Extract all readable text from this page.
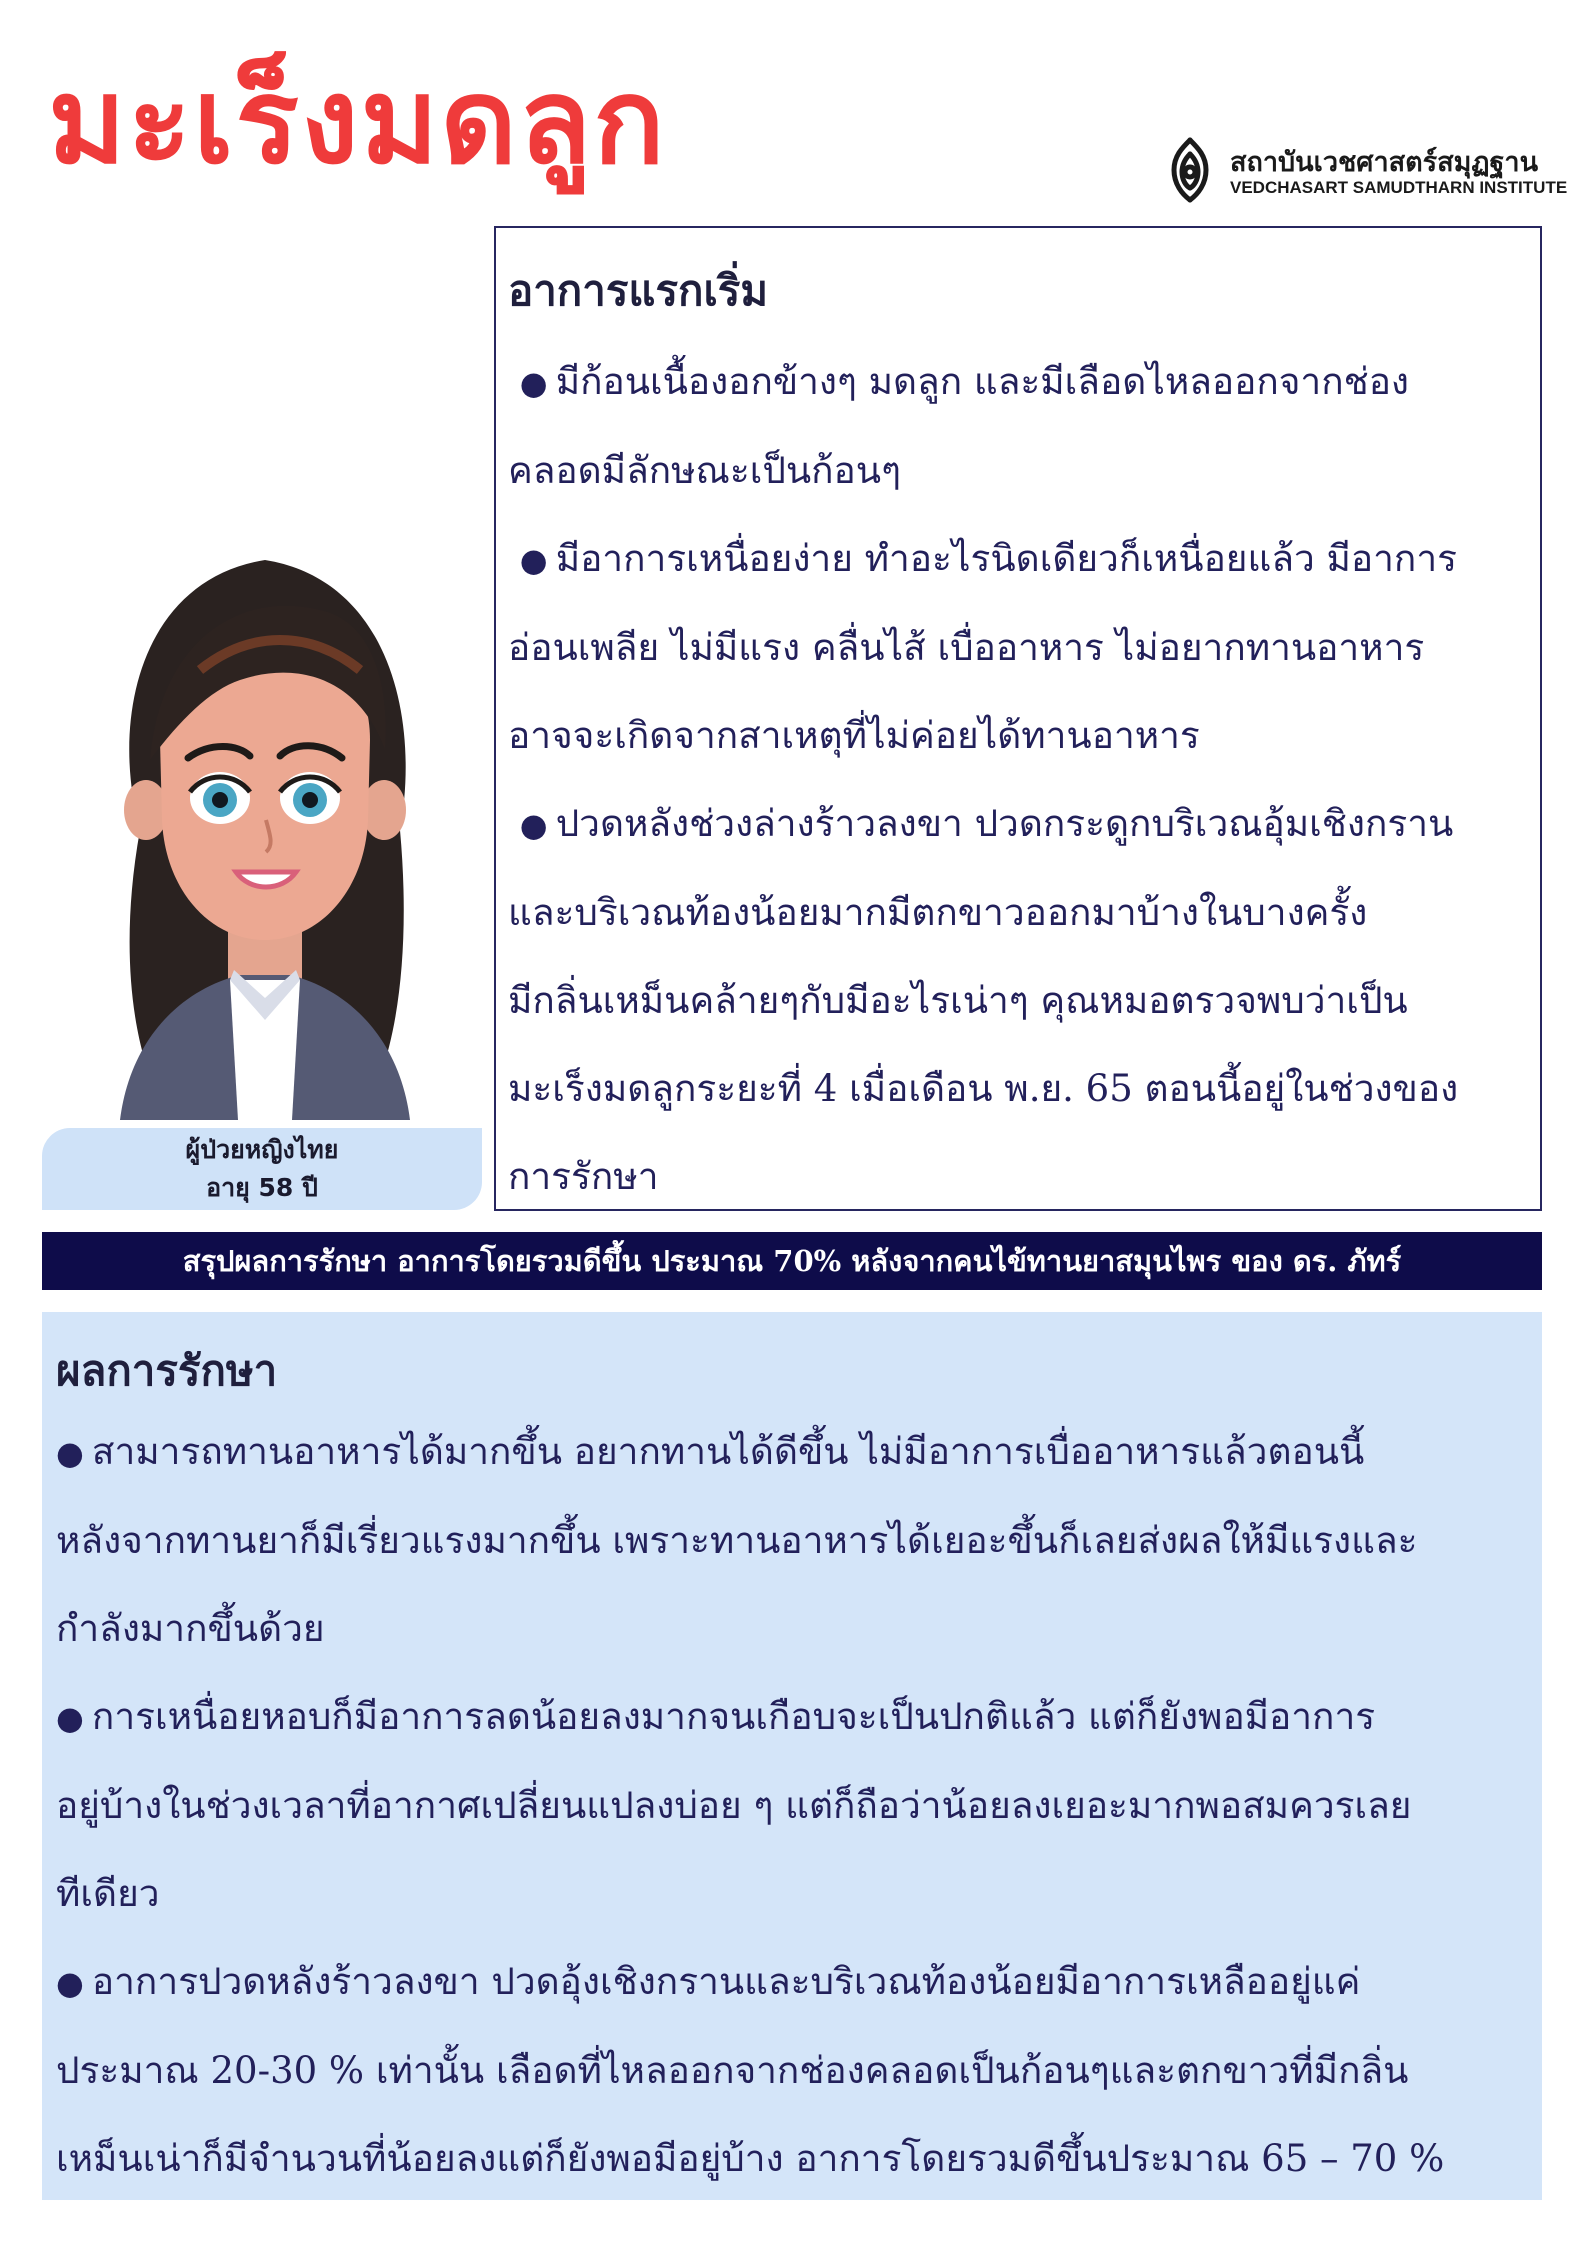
มะเร็งมดลูก	สถาบันเวชศาสตร์สมุฏฐาน
VEDCHASART SAMUDTHARN INSTITUTE
ผู้ป่วยหญิงไทย
อายุ 58 ปี
อาการแรกเริ่ม
● มีก้อนเนื้องอกข้างๆ มดลูก และมีเลือดไหลออกจากช่อง
คลอดมีลักษณะเป็นก้อนๆ
● มีอาการเหนื่อยง่าย ทำอะไรนิดเดียวก็เหนื่อยแล้ว มีอาการ
อ่อนเพลีย ไม่มีแรง คลื่นไส้ เบื่ออาหาร ไม่อยากทานอาหาร
อาจจะเกิดจากสาเหตุที่ไม่ค่อยได้ทานอาหาร
● ปวดหลังช่วงล่างร้าวลงขา ปวดกระดูกบริเวณอุ้มเชิงกราน
และบริเวณท้องน้อยมากมีตกขาวออกมาบ้างในบางครั้ง
มีกลิ่นเหม็นคล้ายๆกับมีอะไรเน่าๆ คุณหมอตรวจพบว่าเป็น
มะเร็งมดลูกระยะที่ 4 เมื่อเดือน พ.ย. 65 ตอนนี้อยู่ในช่วงของ
การรักษา
สรุปผลการรักษา อาการโดยรวมดีขึ้น ประมาณ 70% หลังจากคนไข้ทานยาสมุนไพร ของ ดร. ภัทร์
ผลการรักษา
● สามารถทานอาหารได้มากขึ้น อยากทานได้ดีขึ้น ไม่มีอาการเบื่ออาหารแล้วตอนนี้
หลังจากทานยาก็มีเรี่ยวแรงมากขึ้น เพราะทานอาหารได้เยอะขึ้นก็เลยส่งผลให้มีแรงและ
กำลังมากขึ้นด้วย
● การเหนื่อยหอบก็มีอาการลดน้อยลงมากจนเกือบจะเป็นปกติแล้ว แต่ก็ยังพอมีอาการ
อยู่บ้างในช่วงเวลาที่อากาศเปลี่ยนแปลงบ่อย ๆ แต่ก็ถือว่าน้อยลงเยอะมากพอสมควรเลย
ทีเดียว
● อาการปวดหลังร้าวลงขา ปวดอุ้งเชิงกรานและบริเวณท้องน้อยมีอาการเหลืออยู่แค่
ประมาณ 20-30 % เท่านั้น เลือดที่ไหลออกจากช่องคลอดเป็นก้อนๆและตกขาวที่มีกลิ่น
เหม็นเน่าก็มีจำนวนที่น้อยลงแต่ก็ยังพอมีอยู่บ้าง อาการโดยรวมดีขึ้นประมาณ 65 – 70 %
